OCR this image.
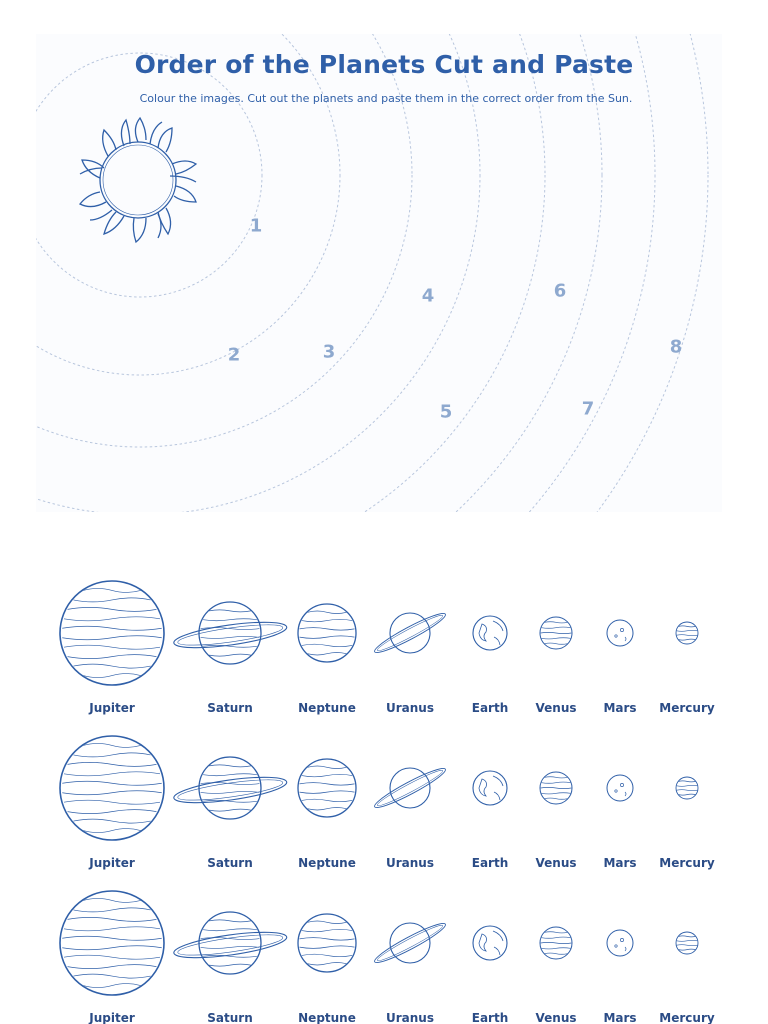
Order of the Planets Cut and Paste
Colour the images. Cut out the planets and paste them in the correct order from the Sun.
1
2	3
4
5
6
7
8
Jupiter	Saturn	Neptune	Uranus	Earth Venus Mars Mercury
Jupiter	Saturn	Neptune	Uranus	Earth Venus Mars Mercury
Jupiter	Saturn	Neptune	Uranus	Earth Venus Mars Mercury
